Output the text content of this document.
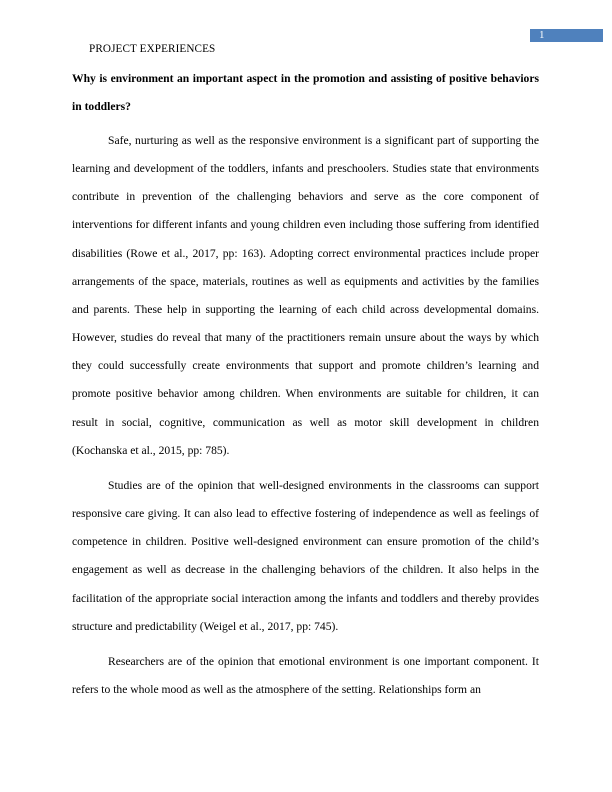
1
PROJECT EXPERIENCES

Why is environment an important aspect in the promotion and assisting of positive behaviors in toddlers?

Safe, nurturing as well as the responsive environment is a significant part of supporting the learning and development of the toddlers, infants and preschoolers. Studies state that environments contribute in prevention of the challenging behaviors and serve as the core component of interventions for different infants and young children even including those suffering from identified disabilities (Rowe et al., 2017, pp: 163). Adopting correct environmental practices include proper arrangements of the space, materials, routines as well as equipments and activities by the families and parents. These help in supporting the learning of each child across developmental domains. However, studies do reveal that many of the practitioners remain unsure about the ways by which they could successfully create environments that support and promote children’s learning and promote positive behavior among children. When environments are suitable for children, it can result in social, cognitive, communication as well as motor skill development in children (Kochanska et al., 2015, pp: 785).

Studies are of the opinion that well-designed environments in the classrooms can support responsive care giving. It can also lead to effective fostering of independence as well as feelings of competence in children. Positive well-designed environment can ensure promotion of the child’s engagement as well as decrease in the challenging behaviors of the children. It also helps in the facilitation of the appropriate social interaction among the infants and toddlers and thereby provides structure and predictability (Weigel et al., 2017, pp: 745).

Researchers are of the opinion that emotional environment is one important component. It refers to the whole mood as well as the atmosphere of the setting. Relationships form an
